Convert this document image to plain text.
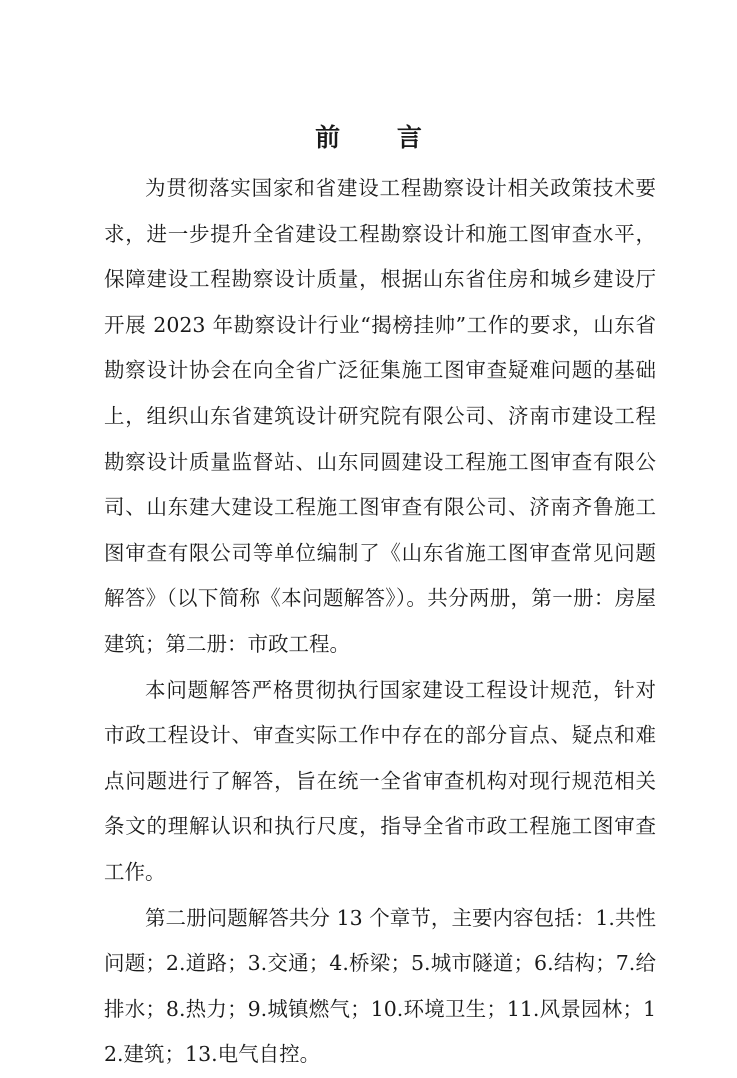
前 言

为贯彻落实国家和省建设工程勘察设计相关政策技术要求，进一步提升全省建设工程勘察设计和施工图审查水平，保障建设工程勘察设计质量，根据山东省住房和城乡建设厅开展 2023 年勘察设计行业“揭榜挂帅”工作的要求，山东省勘察设计协会在向全省广泛征集施工图审查疑难问题的基础上，组织山东省建筑设计研究院有限公司、济南市建设工程勘察设计质量监督站、山东同圆建设工程施工图审查有限公司、山东建大建设工程施工图审查有限公司、济南齐鲁施工图审查有限公司等单位编制了《山东省施工图审查常见问题解答》（以下简称《本问题解答》）。共分两册，第一册：房屋建筑；第二册：市政工程。

本问题解答严格贯彻执行国家建设工程设计规范，针对市政工程设计、审查实际工作中存在的部分盲点、疑点和难点问题进行了解答，旨在统一全省审查机构对现行规范相关条文的理解认识和执行尺度，指导全省市政工程施工图审查工作。

第二册问题解答共分 13 个章节，主要内容包括：1.共性问题；2.道路；3.交通；4.桥梁；5.城市隧道；6.结构；7.给排水；8.热力；9.城镇燃气；10.环境卫生；11.风景园林；12.建筑；13.电气自控。
